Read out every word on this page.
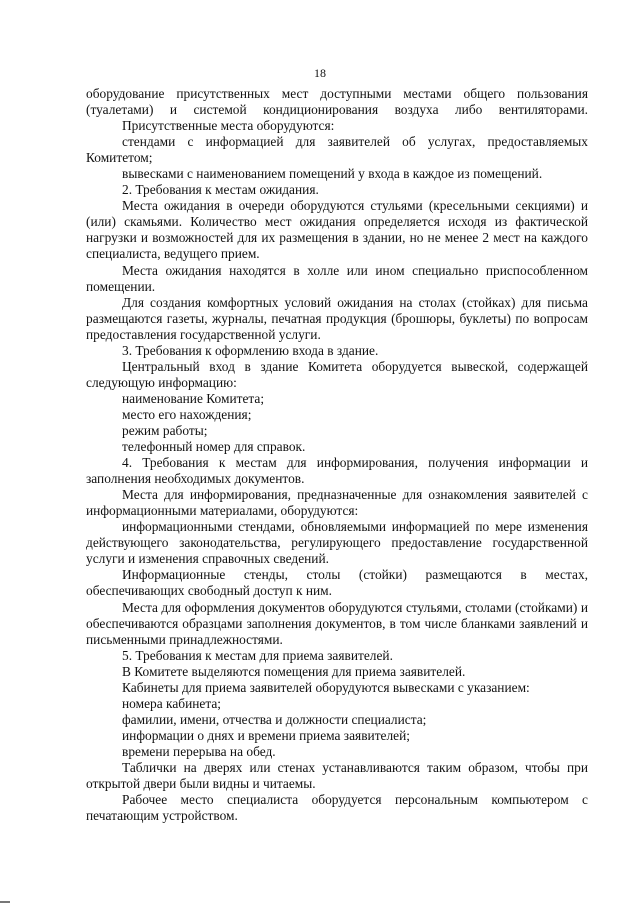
18

оборудование присутственных мест доступными местами общего пользования (туалетами) и системой кондиционирования воздуха либо вентиляторами.

Присутственные места оборудуются:

стендами с информацией для заявителей об услугах, предоставляемых Комитетом;

вывесками с наименованием помещений у входа в каждое из помещений.

2. Требования к местам ожидания.

Места ожидания в очереди оборудуются стульями (кресельными секциями) и (или) скамьями. Количество мест ожидания определяется исходя из фактической нагрузки и возможностей для их размещения в здании, но не менее 2 мест на каждого специалиста, ведущего прием.

Места ожидания находятся в холле или ином специально приспособленном помещении.

Для создания комфортных условий ожидания на столах (стойках) для письма размещаются газеты, журналы, печатная продукция (брошюры, буклеты) по вопросам предоставления государственной услуги.

3. Требования к оформлению входа в здание.

Центральный вход в здание Комитета оборудуется вывеской, содержащей следующую информацию:

наименование Комитета;

место его нахождения;

режим работы;

телефонный номер для справок.

4. Требования к местам для информирования, получения информации и заполнения необходимых документов.

Места для информирования, предназначенные для ознакомления заявителей с информационными материалами, оборудуются:

информационными стендами, обновляемыми информацией по мере изменения действующего законодательства, регулирующего предоставление государственной услуги и изменения справочных сведений.

Информационные стенды, столы (стойки) размещаются в местах, обеспечивающих свободный доступ к ним.

Места для оформления документов оборудуются стульями, столами (стойками) и обеспечиваются образцами заполнения документов, в том числе бланками заявлений и письменными принадлежностями.

5. Требования к местам для приема заявителей.

В Комитете выделяются помещения для приема заявителей.

Кабинеты для приема заявителей оборудуются вывесками с указанием:

номера кабинета;

фамилии, имени, отчества и должности специалиста;

информации о днях и времени приема заявителей;

времени перерыва на обед.

Таблички на дверях или стенах устанавливаются таким образом, чтобы при открытой двери были видны и читаемы.

Рабочее место специалиста оборудуется персональным компьютером с печатающим устройством.
